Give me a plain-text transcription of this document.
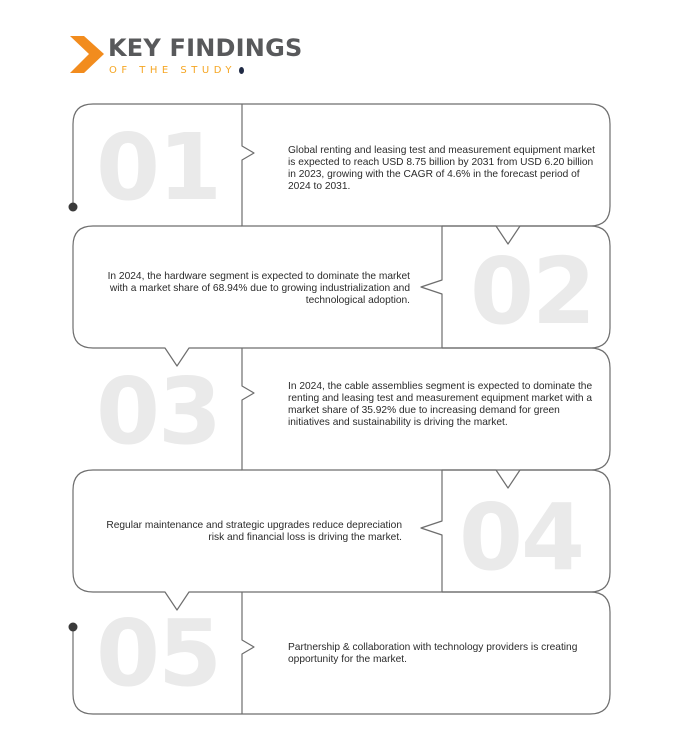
KEY FINDINGS
OF THE STUDY
01	Global renting and leasing test and measurement equipment market is expected to reach USD 8.75 billion by 2031 from USD 6.20 billion in 2023, growing with the CAGR of 4.6% in the forecast period of 2024 to 2031.
02
In 2024, the hardware segment is expected to dominate the market with a market share of 68.94% due to growing industrialization and technological adoption.
03	In 2024, the cable assemblies segment is expected to dominate the renting and leasing test and measurement equipment market with a market share of 35.92% due to increasing demand for green initiatives and sustainability is driving the market.
04
Regular maintenance and strategic upgrades reduce depreciation risk and financial loss is driving the market.
05	Partnership & collaboration with technology providers is creating opportunity for the market.
